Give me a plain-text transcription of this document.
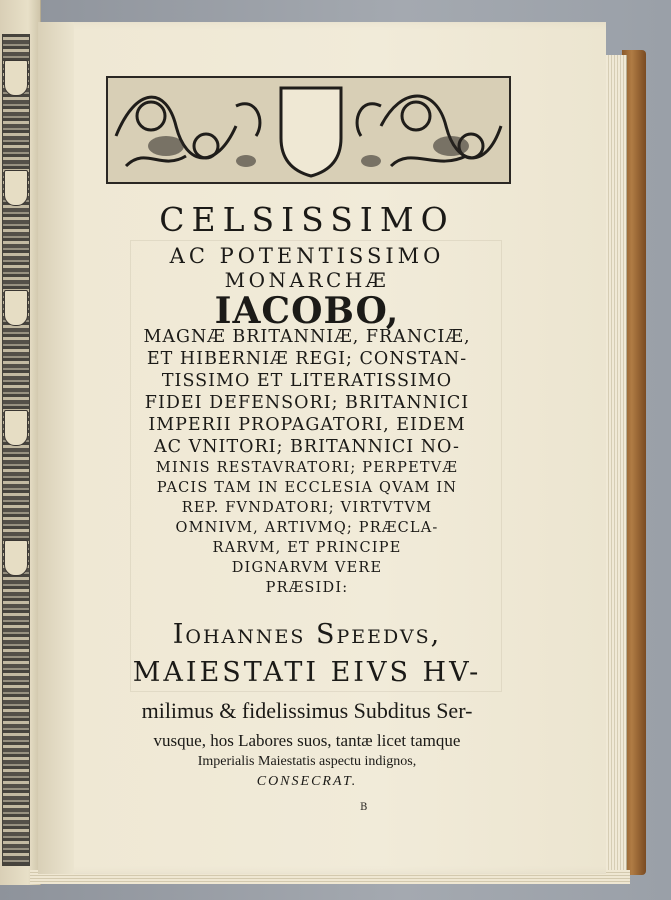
CELSISSIMO
AC POTENTISSIMO
MONARCHÆ
IACOBO,
MAGNÆ BRITANNIÆ, FRANCIÆ,
ET HIBERNIÆ REGI; CONSTAN-
TISSIMO ET LITERATISSIMO
FIDEI DEFENSORI; BRITANNICI
IMPERII PROPAGATORI, EIDEM
AC VNITORI; BRITANNICI NO-
MINIS RESTAVRATORI; PERPETVÆ
PACIS TAM IN ECCLESIA QVAM IN
REP. FVNDATORI; VIRTVTVM
OMNIVM, ARTIVMQ; PRÆCLA-
RARVM, ET PRINCIPE
DIGNARVM VERE
PRÆSIDI:
Iohannes Speedvs,
MAIESTATI EIVS HV-
milimus & fidelissimus Subditus Ser-
vusque, hos Labores suos, tantæ licet tamque
Imperialis Maiestatis aspectu indignos,
CONSECRAT.
B
